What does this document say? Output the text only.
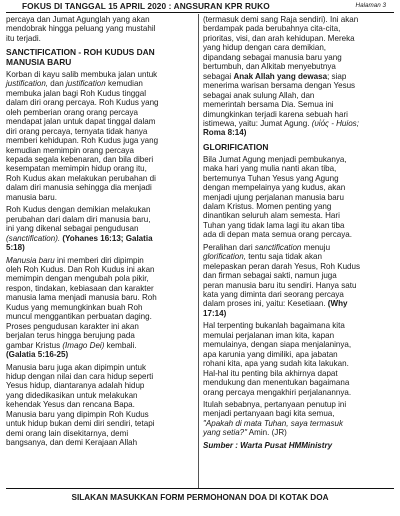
FOKUS DI TANGGAL 15 APRIL 2020 : ANGSURAN KPR RUKO	Halaman 3

percaya dan Jumat Agunglah yang akan
mendobrak hingga peluang yang mustahil
itu terjadi.

SANCTIFICATION - ROH KUDUS DAN
MANUSIA BARU

Korban di kayu salib membuka jalan untuk
justification, dan justification kemudian
membuka jalan bagi Roh Kudus tinggal
dalam diri orang percaya. Roh Kudus yang
oleh pemberian orang orang percaya
mendapat jalan untuk dapat tinggal dalam
diri orang percaya, ternyata tidak hanya
memberi kehidupan. Roh Kudus juga yang
kemudian memimpin orang percaya
kepada segala kebenaran, dan bila diberi
kesempatan memimpin hidup orang itu,
Roh Kudus akan melakukan perubahan di
dalam diri manusia sehingga dia menjadi
manusia baru.

Roh Kudus dengan demikian melakukan
perubahan dari dalam diri manusia baru,
ini yang dikenal sebagai pengudusan
(sanctification). (Yohanes 16:13; Galatia
5:18)

Manusia baru ini memberi diri dipimpin
oleh Roh Kudus. Dan Roh Kudus ini akan
memimpin dengan mengubah pola pikir,
respon, tindakan, kebiasaan dan karakter
manusia lama menjadi manusia baru. Roh
Kudus yang memungkinkan buah Roh
muncul menggantikan perbuatan daging.
Proses pengudusan karakter ini akan
berjalan terus hingga berujung pada
gambar Kristus (Imago Dei) kembali.
(Galatia 5:16-25)

Manusia baru juga akan dipimpin untuk
hidup dengan nilai dan cara hidup seperti
Yesus hidup, diantaranya adalah hidup
yang didedikasikan untuk melakukan
kehendak Yesus dan rencana Bapa.
Manusia baru yang dipimpin Roh Kudus
untuk hidup bukan demi diri sendiri, tetapi
demi orang lain disekitarnya, demi
bangsanya, dan demi Kerajaan Allah

(termasuk demi sang Raja sendiri). Ini akan
berdampak pada berubahnya cita-cita,
prioritas, visi, dan arah kehidupan. Mereka
yang hidup dengan cara demikian,
dipandang sebagai manusia baru yang
bertumbuh, dan Alkitab menyebutnya
sebagai Anak Allah yang dewasa; siap
menerima warisan bersama dengan Yesus
sebagai anak sulung Allah, dan
memerintah bersama Dia. Semua ini
dimungkinkan terjadi karena sebuah hari
istimewa, yaitu: Jumat Agung. (υἱός - Huios;
Roma 8:14)

GLORIFICATION

Bila Jumat Agung menjadi pembukanya,
maka hari yang mulia nanti akan tiba,
bertemunya Tuhan Yesus yang Agung
dengan mempelainya yang kudus, akan
menjadi ujung perjalanan manusia baru
dalam Kristus. Momen penting yang
dinantikan seluruh alam semesta. Hari
Tuhan yang tidak lama lagi itu akan tiba
ada di depan mata semua orang percaya.

Peralihan dari sanctification menuju
glorification, tentu saja tidak akan
melepaskan peran darah Yesus, Roh Kudus
dan firman sebagai sakti, namun juga
peran manusia baru itu sendiri. Hanya satu
kata yang diminta dari seorang percaya
dalam proses ini, yaitu: Kesetiaan. (Why
17:14)

Hal terpenting bukanlah bagaimana kita
memulai perjalanan iman kita, kapan
memulainya, dengan siapa menjalaninya,
apa karunia yang dimiliki, apa jabatan
rohani kita, apa yang sudah kita lakukan.
Hal-hal itu penting bila akhirnya dapat
mendukung dan menentukan bagaimana
orang percaya mengakhiri perjalanannya.

Itulah sebabnya, pertanyaan penutup ini
menjadi pertanyaan bagi kita semua,
"Apakah di mata Tuhan, saya termasuk
yang setia?" Amin. (JR)

Sumber : Warta Pusat HMMinistry

SILAKAN MASUKKAN FORM PERMOHONAN DOA DI KOTAK DOA
